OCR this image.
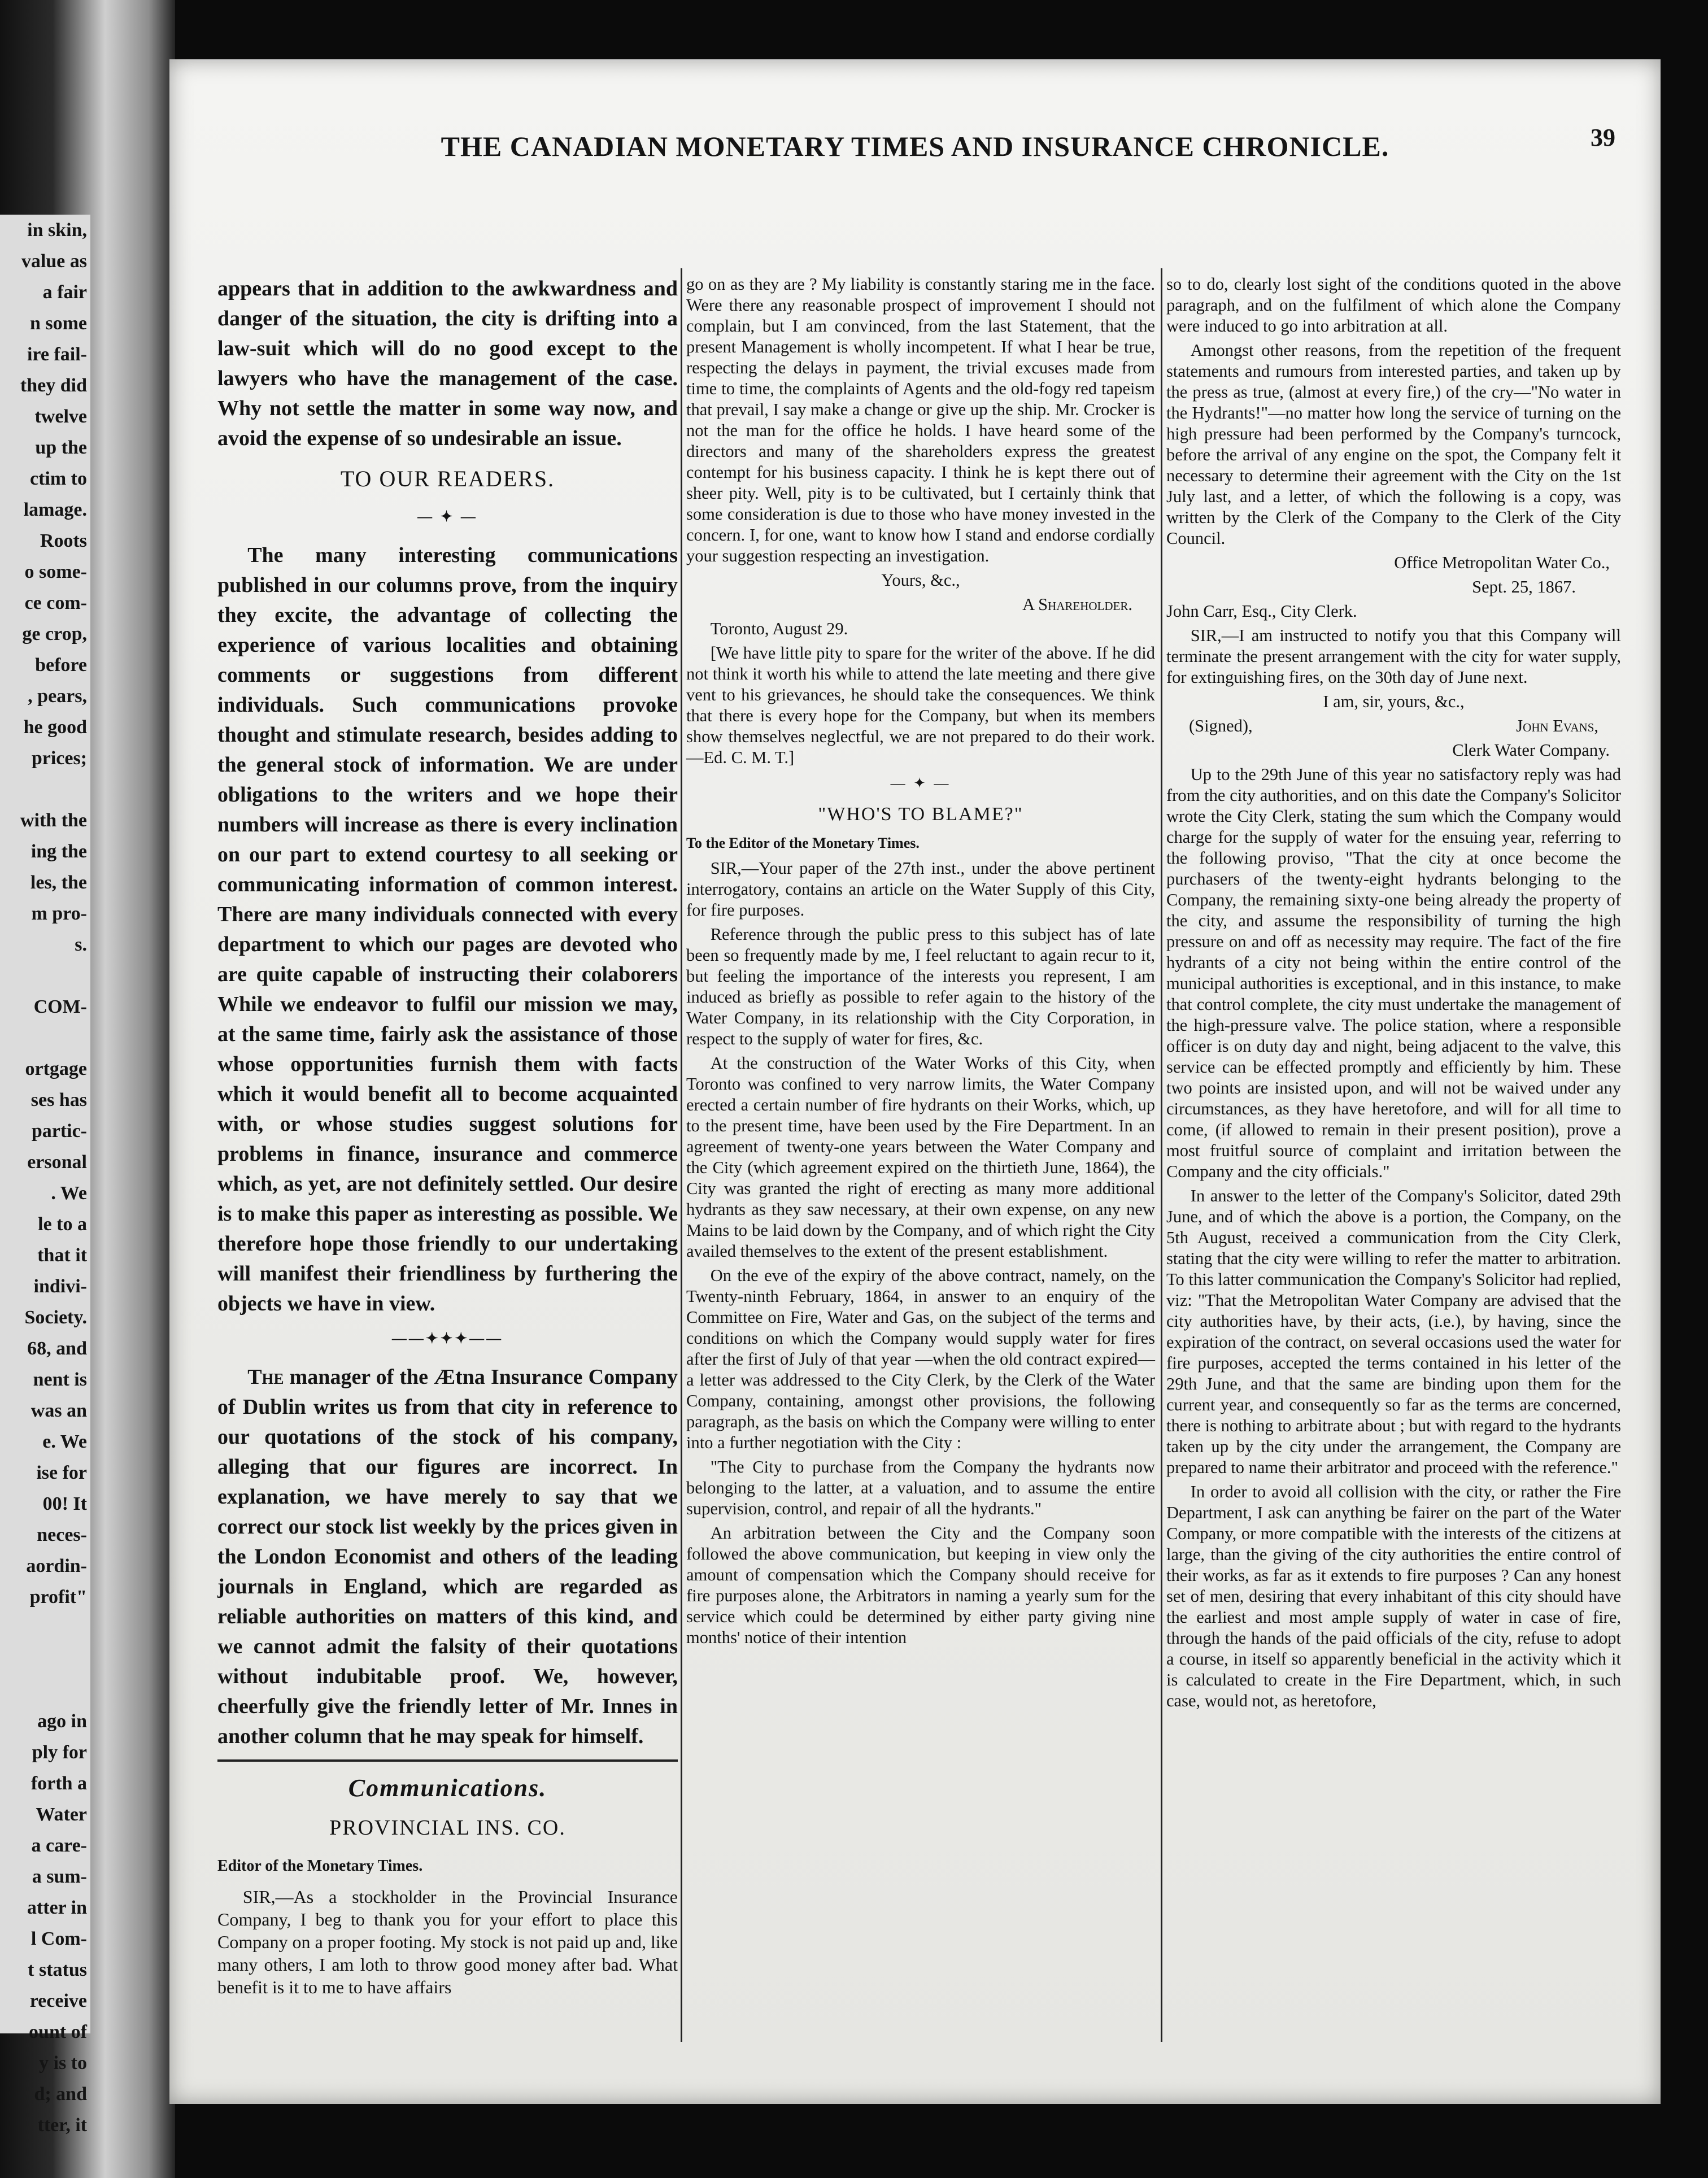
in skin,

value as

a fair

n some

ire fail-

they did

twelve

up the

ctim to

lamage.

Roots

o some-

ce com-

ge crop,

before

, pears,

he good

prices;

with the

ing the

les, the

m pro-

s.

COM-

ortgage

ses has

partic-

ersonal

. We

le to a

that it

indivi-

Society.

68, and

nent is

was an

e. We

ise for

00! It

neces-

aordin-

profit"

ago in

ply for

forth a

Water

a care-

a sum-

atter in

l Com-

t status

receive

ount of

y is to

d; and

tter, it

THE CANADIAN MONETARY TIMES AND INSURANCE CHRONICLE.	39

appears that in addition to the awkwardness and danger of the situation, the city is drifting into a law-suit which will do no good except to the lawyers who have the management of the case. Why not settle the matter in some way now, and avoid the expense of so undesirable an issue.

TO OUR READERS.
— ✦ —

The many interesting communications published in our columns prove, from the inquiry they excite, the advantage of collecting the experience of various localities and obtaining comments or suggestions from different individuals. Such communications provoke thought and stimulate research, besides adding to the general stock of information. We are under obligations to the writers and we hope their numbers will increase as there is every inclination on our part to extend courtesy to all seeking or communicating information of common interest. There are many individuals connected with every department to which our pages are devoted who are quite capable of instructing their colaborers While we endeavor to fulfil our mission we may, at the same time, fairly ask the assistance of those whose opportunities furnish them with facts which it would benefit all to become acquainted with, or whose studies suggest solutions for problems in finance, insurance and commerce which, as yet, are not definitely settled. Our desire is to make this paper as interesting as possible. We therefore hope those friendly to our undertaking will manifest their friendliness by furthering the objects we have in view.

——✦✦✦——

The manager of the Ætna Insurance Company of Dublin writes us from that city in reference to our quotations of the stock of his company, alleging that our figures are incorrect. In explanation, we have merely to say that we correct our stock list weekly by the prices given in the London Economist and others of the leading journals in England, which are regarded as reliable authorities on matters of this kind, and we cannot admit the falsity of their quotations without indubitable proof. We, however, cheerfully give the friendly letter of Mr. Innes in another column that he may speak for himself.

Communications.
PROVINCIAL INS. CO.
Editor of the Monetary Times.

SIR,—As a stockholder in the Provincial Insurance Company, I beg to thank you for your effort to place this Company on a proper footing. My stock is not paid up and, like many others, I am loth to throw good money after bad. What benefit is it to me to have affairs

go on as they are ? My liability is constantly staring me in the face. Were there any reasonable prospect of improvement I should not complain, but I am convinced, from the last Statement, that the present Management is wholly incompetent. If what I hear be true, respecting the delays in payment, the trivial excuses made from time to time, the complaints of Agents and the old-fogy red tapeism that prevail, I say make a change or give up the ship. Mr. Crocker is not the man for the office he holds. I have heard some of the directors and many of the shareholders express the greatest contempt for his business capacity. I think he is kept there out of sheer pity. Well, pity is to be cultivated, but I certainly think that some consideration is due to those who have money invested in the concern. I, for one, want to know how I stand and endorse cordially your suggestion respecting an investigation.

Yours, &c.,

A Shareholder.

Toronto, August 29.

[We have little pity to spare for the writer of the above. If he did not think it worth his while to attend the late meeting and there give vent to his grievances, he should take the consequences. We think that there is every hope for the Company, but when its members show themselves neglectful, we are not prepared to do their work.—Ed. C. M. T.]

— ✦ —
"WHO'S TO BLAME?"
To the Editor of the Monetary Times.

SIR,—Your paper of the 27th inst., under the above pertinent interrogatory, contains an article on the Water Supply of this City, for fire purposes.

Reference through the public press to this subject has of late been so frequently made by me, I feel reluctant to again recur to it, but feeling the importance of the interests you represent, I am induced as briefly as possible to refer again to the history of the Water Company, in its relationship with the City Corporation, in respect to the supply of water for fires, &c.

At the construction of the Water Works of this City, when Toronto was confined to very narrow limits, the Water Company erected a certain number of fire hydrants on their Works, which, up to the present time, have been used by the Fire Department. In an agreement of twenty-one years between the Water Company and the City (which agreement expired on the thirtieth June, 1864), the City was granted the right of erecting as many more additional hydrants as they saw necessary, at their own expense, on any new Mains to be laid down by the Company, and of which right the City availed themselves to the extent of the present establishment.

On the eve of the expiry of the above contract, namely, on the Twenty-ninth February, 1864, in answer to an enquiry of the Committee on Fire, Water and Gas, on the subject of the terms and conditions on which the Company would supply water for fires after the first of July of that year —when the old contract expired—a letter was addressed to the City Clerk, by the Clerk of the Water Company, containing, amongst other provisions, the following paragraph, as the basis on which the Company were willing to enter into a further negotiation with the City :

"The City to purchase from the Company the hydrants now belonging to the latter, at a valuation, and to assume the entire supervision, control, and repair of all the hydrants."

An arbitration between the City and the Company soon followed the above communication, but keeping in view only the amount of compensation which the Company should receive for fire purposes alone, the Arbitrators in naming a yearly sum for the service which could be determined by either party giving nine months' notice of their intention

so to do, clearly lost sight of the conditions quoted in the above paragraph, and on the fulfilment of which alone the Company were induced to go into arbitration at all.

Amongst other reasons, from the repetition of the frequent statements and rumours from interested parties, and taken up by the press as true, (almost at every fire,) of the cry—"No water in the Hydrants!"—no matter how long the service of turning on the high pressure had been performed by the Company's turncock, before the arrival of any engine on the spot, the Company felt it necessary to determine their agreement with the City on the 1st July last, and a letter, of which the following is a copy, was written by the Clerk of the Company to the Clerk of the City Council.

Office Metropolitan Water Co.,

Sept. 25, 1867.

John Carr, Esq., City Clerk.

SIR,—I am instructed to notify you that this Company will terminate the present arrangement with the city for water supply, for extinguishing fires, on the 30th day of June next.

I am, sir, yours, &c.,

(Signed),	John Evans,

Clerk Water Company.

Up to the 29th June of this year no satisfactory reply was had from the city authorities, and on this date the Company's Solicitor wrote the City Clerk, stating the sum which the Company would charge for the supply of water for the ensuing year, referring to the following proviso, "That the city at once become the purchasers of the twenty-eight hydrants belonging to the Company, the remaining sixty-one being already the property of the city, and assume the responsibility of turning the high pressure on and off as necessity may require. The fact of the fire hydrants of a city not being within the entire control of the municipal authorities is exceptional, and in this instance, to make that control complete, the city must undertake the management of the high-pressure valve. The police station, where a responsible officer is on duty day and night, being adjacent to the valve, this service can be effected promptly and efficiently by him. These two points are insisted upon, and will not be waived under any circumstances, as they have heretofore, and will for all time to come, (if allowed to remain in their present position), prove a most fruitful source of complaint and irritation between the Company and the city officials."

In answer to the letter of the Company's Solicitor, dated 29th June, and of which the above is a portion, the Company, on the 5th August, received a communication from the City Clerk, stating that the city were willing to refer the matter to arbitration. To this latter communication the Company's Solicitor had replied, viz: "That the Metropolitan Water Company are advised that the city authorities have, by their acts, (i.e.), by having, since the expiration of the contract, on several occasions used the water for fire purposes, accepted the terms contained in his letter of the 29th June, and that the same are binding upon them for the current year, and consequently so far as the terms are concerned, there is nothing to arbitrate about ; but with regard to the hydrants taken up by the city under the arrangement, the Company are prepared to name their arbitrator and proceed with the reference."

In order to avoid all collision with the city, or rather the Fire Department, I ask can anything be fairer on the part of the Water Company, or more compatible with the interests of the citizens at large, than the giving of the city authorities the entire control of their works, as far as it extends to fire purposes ? Can any honest set of men, desiring that every inhabitant of this city should have the earliest and most ample supply of water in case of fire, through the hands of the paid officials of the city, refuse to adopt a course, in itself so apparently beneficial in the activity which it is calculated to create in the Fire Department, which, in such case, would not, as heretofore,
